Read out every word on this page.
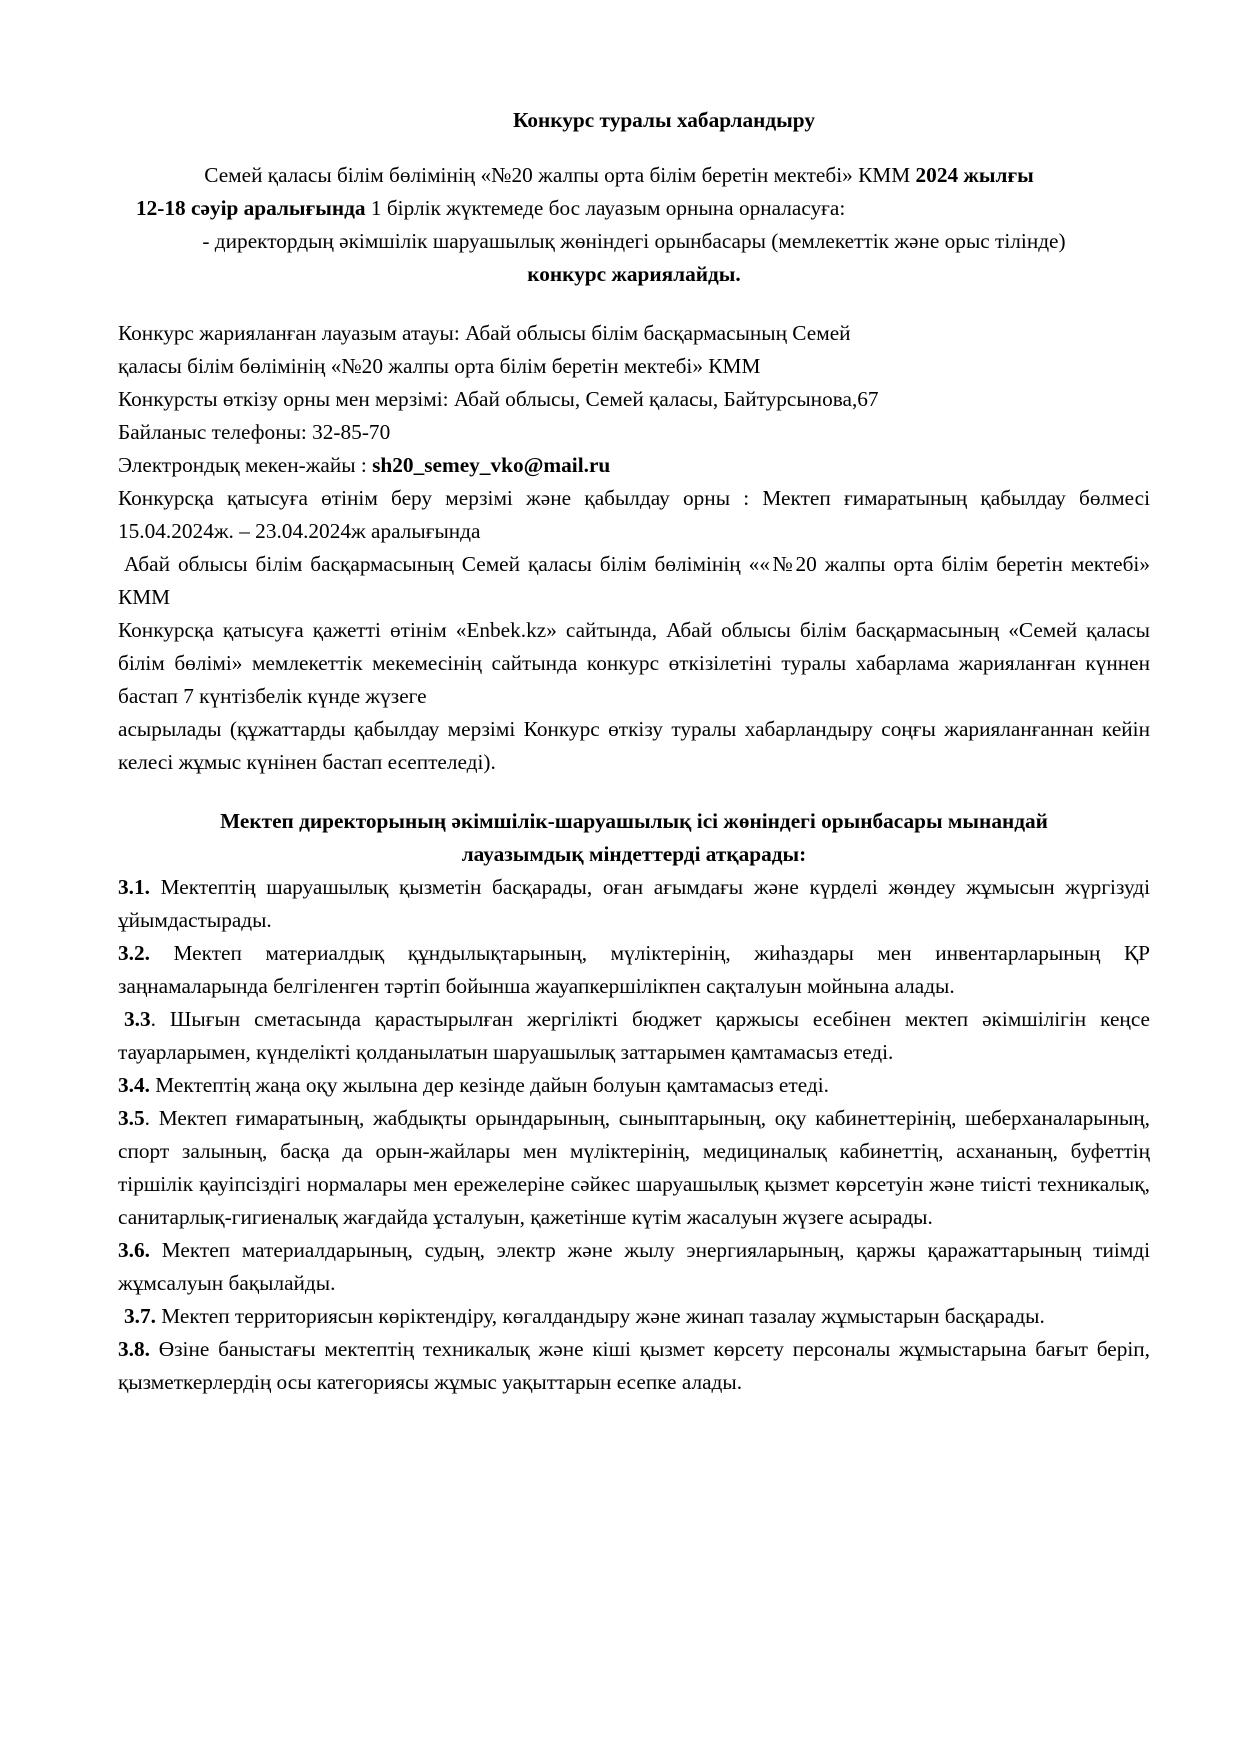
Конкурс туралы хабарландыру

Семей қаласы білім бөлімінің «№20 жалпы орта білім беретін мектебі» КММ 2024 жылғы
12-18 сәуір аралығында 1 бірлік жүктемеде бос лауазым орнына орналасуға:
- директордың әкімшілік шаруашылық жөніндегі орынбасары (мемлекеттік және орыс тілінде)
конкурс жариялайды.

Конкурс жарияланған лауазым атауы: Абай облысы білім басқармасының Семей

қаласы білім бөлімінің «№20 жалпы орта білім беретін мектебі» КММ

Конкурсты өткізу орны мен мерзімі: Абай облысы, Семей қаласы, Байтурсынова,67

Байланыс телефоны: 32-85-70

Электрондық мекен-жайы : sh20_semey_vko@mail.ru

Конкурсқа қатысуға өтінім беру мерзімі және қабылдау орны : Мектеп ғимаратының қабылдау бөлмесі 15.04.2024ж. – 23.04.2024ж аралығында

Абай облысы білім басқармасының Семей қаласы білім бөлімінің ««№20 жалпы орта білім беретін мектебі» КММ

Конкурсқа қатысуға қажетті өтінім «Enbek.kz» сайтында, Абай облысы білім басқармасының «Семей қаласы білім бөлімі» мемлекеттік мекемесінің сайтында конкурс өткізілетіні туралы хабарлама жарияланған күннен бастап 7 күнтізбелік күнде жүзеге

асырылады (құжаттарды қабылдау мерзімі Конкурс өткізу туралы хабарландыру соңғы жарияланғаннан кейін келесі жұмыс күнінен бастап есептеледі).

Мектеп директорының әкімшілік-шаруашылық ісі жөніндегі орынбасары мынандай
лауазымдық міндеттерді атқарады:

3.1. Мектептің шаруашылық қызметін басқарады, оған ағымдағы және күрделі жөндеу жұмысын жүргізуді ұйымдастырады.

3.2. Мектеп материалдық құндылықтарының, мүліктерінің, жиһаздары мен инвентарларының ҚР заңнамаларында белгіленген тәртіп бойынша жауапкершілікпен сақталуын мойнына алады.

3.3. Шығын сметасында қарастырылған жергілікті бюджет қаржысы есебінен мектеп әкімшілігін кеңсе тауарларымен, күнделікті қолданылатын шаруашылық заттарымен қамтамасыз етеді.

3.4. Мектептің жаңа оқу жылына дер кезінде дайын болуын қамтамасыз етеді.

3.5. Мектеп ғимаратының, жабдықты орындарының, сыныптарының, оқу кабинеттерінің, шеберханаларының, спорт залының, басқа да орын-жайлары мен мүліктерінің, медициналық кабинеттің, асхананың, буфеттің тіршілік қауіпсіздігі нормалары мен ережелеріне сәйкес шаруашылық қызмет көрсетуін және тиісті техникалық, санитарлық-гигиеналық жағдайда ұсталуын, қажетінше күтім жасалуын жүзеге асырады.

3.6. Мектеп материалдарының, судың, электр және жылу энергияларының, қаржы қаражаттарының тиімді жұмсалуын бақылайды.

3.7. Мектеп территориясын көріктендіру, көгалдандыру және жинап тазалау жұмыстарын басқарады.

3.8. Өзіне баныстағы мектептің техникалық және кіші қызмет көрсету персоналы жұмыстарына бағыт беріп, қызметкерлердің осы категориясы жұмыс уақыттарын есепке алады.
